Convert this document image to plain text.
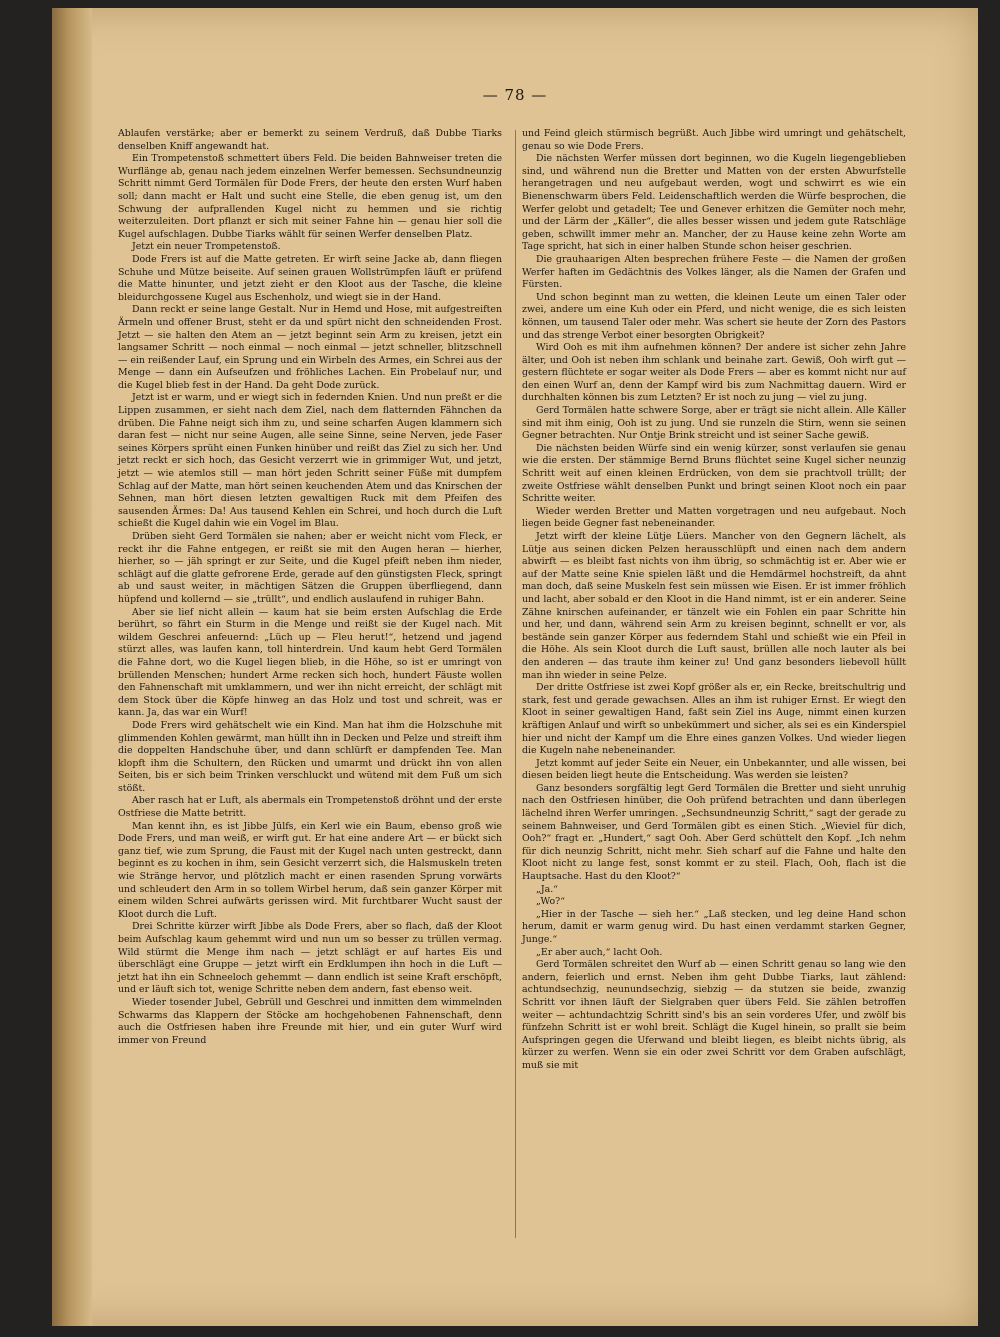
— 78 —

Ablaufen verstärke; aber er bemerkt zu seinem Verdruß, daß Dubbe Tiarks denselben Kniff angewandt hat.

Ein Trompetenstoß schmettert übers Feld. Die beiden Bahnweiser treten die Wurflänge ab, genau nach jedem einzelnen Werfer bemessen. Sechsundneunzig Schritt nimmt Gerd Tormälen für Dode Frers, der heute den ersten Wurf haben soll; dann macht er Halt und sucht eine Stelle, die eben genug ist, um den Schwung der aufprallenden Kugel nicht zu hemmen und sie richtig weiterzuleiten. Dort pflanzt er sich mit seiner Fahne hin — genau hier soll die Kugel aufschlagen. Dubbe Tiarks wählt für seinen Werfer denselben Platz.

Jetzt ein neuer Trompetenstoß.

Dode Frers ist auf die Matte getreten. Er wirft seine Jacke ab, dann fliegen Schuhe und Mütze beiseite. Auf seinen grauen Wollstrümpfen läuft er prüfend die Matte hinunter, und jetzt zieht er den Kloot aus der Tasche, die kleine bleidurchgossene Kugel aus Eschenholz, und wiegt sie in der Hand.

Dann reckt er seine lange Gestalt. Nur in Hemd und Hose, mit aufgestreiften Ärmeln und offener Brust, steht er da und spürt nicht den schneidenden Frost. Jetzt — sie halten den Atem an — jetzt beginnt sein Arm zu kreisen, jetzt ein langsamer Schritt — noch einmal — noch einmal — jetzt schneller, blitzschnell — ein reißender Lauf, ein Sprung und ein Wirbeln des Armes, ein Schrei aus der Menge — dann ein Aufseufzen und fröhliches Lachen. Ein Probelauf nur, und die Kugel blieb fest in der Hand. Da geht Dode zurück.

Jetzt ist er warm, und er wiegt sich in federnden Knien. Und nun preßt er die Lippen zusammen, er sieht nach dem Ziel, nach dem flatternden Fähnchen da drüben. Die Fahne neigt sich ihm zu, und seine scharfen Augen klammern sich daran fest — nicht nur seine Augen, alle seine Sinne, seine Nerven, jede Faser seines Körpers sprüht einen Funken hinüber und reißt das Ziel zu sich her. Und jetzt reckt er sich hoch, das Gesicht verzerrt wie in grimmiger Wut, und jetzt, jetzt — wie atemlos still — man hört jeden Schritt seiner Füße mit dumpfem Schlag auf der Matte, man hört seinen keuchenden Atem und das Knirschen der Sehnen, man hört diesen letzten gewaltigen Ruck mit dem Pfeifen des sausenden Ärmes: Da! Aus tausend Kehlen ein Schrei, und hoch durch die Luft schießt die Kugel dahin wie ein Vogel im Blau.

Drüben sieht Gerd Tormälen sie nahen; aber er weicht nicht vom Fleck, er reckt ihr die Fahne entgegen, er reißt sie mit den Augen heran — hierher, hierher, so — jäh springt er zur Seite, und die Kugel pfeift neben ihm nieder, schlägt auf die glatte gefrorene Erde, gerade auf den günstigsten Fleck, springt ab und saust weiter, in mächtigen Sätzen die Gruppen überfliegend, dann hüpfend und kollernd — sie „trüllt“, und endlich auslaufend in ruhiger Bahn.

Aber sie lief nicht allein — kaum hat sie beim ersten Aufschlag die Erde berührt, so fährt ein Sturm in die Menge und reißt sie der Kugel nach. Mit wildem Geschrei anfeuernd: „Lüch up — Fleu herut!“, hetzend und jagend stürzt alles, was laufen kann, toll hinterdrein. Und kaum hebt Gerd Tormälen die Fahne dort, wo die Kugel liegen blieb, in die Höhe, so ist er umringt von brüllenden Menschen; hundert Arme recken sich hoch, hundert Fäuste wollen den Fahnenschaft mit umklammern, und wer ihn nicht erreicht, der schlägt mit dem Stock über die Köpfe hinweg an das Holz und tost und schreit, was er kann. Ja, das war ein Wurf!

Dode Frers wird gehätschelt wie ein Kind. Man hat ihm die Holzschuhe mit glimmenden Kohlen gewärmt, man hüllt ihn in Decken und Pelze und streift ihm die doppelten Handschuhe über, und dann schlürft er dampfenden Tee. Man klopft ihm die Schultern, den Rücken und umarmt und drückt ihn von allen Seiten, bis er sich beim Trinken verschluckt und wütend mit dem Fuß um sich stößt.

Aber rasch hat er Luft, als abermals ein Trompetenstoß dröhnt und der erste Ostfriese die Matte betritt.

Man kennt ihn, es ist Jibbe Jülfs, ein Kerl wie ein Baum, ebenso groß wie Dode Frers, und man weiß, er wirft gut. Er hat eine andere Art — er bückt sich ganz tief, wie zum Sprung, die Faust mit der Kugel nach unten gestreckt, dann beginnt es zu kochen in ihm, sein Gesicht verzerrt sich, die Halsmuskeln treten wie Stränge hervor, und plötzlich macht er einen rasenden Sprung vorwärts und schleudert den Arm in so tollem Wirbel herum, daß sein ganzer Körper mit einem wilden Schrei aufwärts gerissen wird. Mit furchtbarer Wucht saust der Kloot durch die Luft.

Drei Schritte kürzer wirft Jibbe als Dode Frers, aber so flach, daß der Kloot beim Aufschlag kaum gehemmt wird und nun um so besser zu trüllen vermag. Wild stürmt die Menge ihm nach — jetzt schlägt er auf hartes Eis und überschlägt eine Gruppe — jetzt wirft ein Erdklumpen ihn hoch in die Luft — jetzt hat ihn ein Schneeloch gehemmt — dann endlich ist seine Kraft erschöpft, und er läuft sich tot, wenige Schritte neben dem andern, fast ebenso weit.

Wieder tosender Jubel, Gebrüll und Geschrei und inmitten dem wimmelnden Schwarms das Klappern der Stöcke am hochgehobenen Fahnenschaft, denn auch die Ostfriesen haben ihre Freunde mit hier, und ein guter Wurf wird immer von Freund

und Feind gleich stürmisch begrüßt. Auch Jibbe wird umringt und gehätschelt, genau so wie Dode Frers.

Die nächsten Werfer müssen dort beginnen, wo die Kugeln liegengeblieben sind, und während nun die Bretter und Matten von der ersten Abwurfstelle herangetragen und neu aufgebaut werden, wogt und schwirrt es wie ein Bienenschwarm übers Feld. Leidenschaftlich werden die Würfe besprochen, die Werfer gelobt und getadelt; Tee und Genever erhitzen die Gemüter noch mehr, und der Lärm der „Käller“, die alles besser wissen und jedem gute Ratschläge geben, schwillt immer mehr an. Mancher, der zu Hause keine zehn Worte am Tage spricht, hat sich in einer halben Stunde schon heiser geschrien.

Die grauhaarigen Alten besprechen frühere Feste — die Namen der großen Werfer haften im Gedächtnis des Volkes länger, als die Namen der Grafen und Fürsten.

Und schon beginnt man zu wetten, die kleinen Leute um einen Taler oder zwei, andere um eine Kuh oder ein Pferd, und nicht wenige, die es sich leisten können, um tausend Taler oder mehr. Was schert sie heute der Zorn des Pastors und das strenge Verbot einer besorgten Obrigkeit?

Wird Ooh es mit ihm aufnehmen können? Der andere ist sicher zehn Jahre älter, und Ooh ist neben ihm schlank und beinahe zart. Gewiß, Ooh wirft gut — gestern flüchtete er sogar weiter als Dode Frers — aber es kommt nicht nur auf den einen Wurf an, denn der Kampf wird bis zum Nachmittag dauern. Wird er durchhalten können bis zum Letzten? Er ist noch zu jung — viel zu jung.

Gerd Tormälen hatte schwere Sorge, aber er trägt sie nicht allein. Alle Käller sind mit ihm einig, Ooh ist zu jung. Und sie runzeln die Stirn, wenn sie seinen Gegner betrachten. Nur Ontje Brink streicht und ist seiner Sache gewiß.

Die nächsten beiden Würfe sind ein wenig kürzer, sonst verlaufen sie genau wie die ersten. Der stämmige Bernd Bruns flüchtet seine Kugel sicher neunzig Schritt weit auf einen kleinen Erdrücken, von dem sie prachtvoll trüllt; der zweite Ostfriese wählt denselben Punkt und bringt seinen Kloot noch ein paar Schritte weiter.

Wieder werden Bretter und Matten vorgetragen und neu aufgebaut. Noch liegen beide Gegner fast nebeneinander.

Jetzt wirft der kleine Lütje Lüers. Mancher von den Gegnern lächelt, als Lütje aus seinen dicken Pelzen herausschlüpft und einen nach dem andern abwirft — es bleibt fast nichts von ihm übrig, so schmächtig ist er. Aber wie er auf der Matte seine Knie spielen läßt und die Hemdärmel hochstreift, da ahnt man doch, daß seine Muskeln fest sein müssen wie Eisen. Er ist immer fröhlich und lacht, aber sobald er den Kloot in die Hand nimmt, ist er ein anderer. Seine Zähne knirschen aufeinander, er tänzelt wie ein Fohlen ein paar Schritte hin und her, und dann, während sein Arm zu kreisen beginnt, schnellt er vor, als bestände sein ganzer Körper aus federndem Stahl und schießt wie ein Pfeil in die Höhe. Als sein Kloot durch die Luft saust, brüllen alle noch lauter als bei den anderen — das traute ihm keiner zu! Und ganz besonders liebevoll hüllt man ihn wieder in seine Pelze.

Der dritte Ostfriese ist zwei Kopf größer als er, ein Recke, breitschultrig und stark, fest und gerade gewachsen. Alles an ihm ist ruhiger Ernst. Er wiegt den Kloot in seiner gewaltigen Hand, faßt sein Ziel ins Auge, nimmt einen kurzen kräftigen Anlauf und wirft so unbekümmert und sicher, als sei es ein Kinderspiel hier und nicht der Kampf um die Ehre eines ganzen Volkes. Und wieder liegen die Kugeln nahe nebeneinander.

Jetzt kommt auf jeder Seite ein Neuer, ein Unbekannter, und alle wissen, bei diesen beiden liegt heute die Entscheidung. Was werden sie leisten?

Ganz besonders sorgfältig legt Gerd Tormälen die Bretter und sieht unruhig nach den Ostfriesen hinüber, die Ooh prüfend betrachten und dann überlegen lächelnd ihren Werfer umringen. „Sechsundneunzig Schritt,“ sagt der gerade zu seinem Bahnweiser, und Gerd Tormälen gibt es einen Stich. „Wieviel für dich, Ooh?“ fragt er. „Hundert,“ sagt Ooh. Aber Gerd schüttelt den Kopf. „Ich nehm für dich neunzig Schritt, nicht mehr. Sieh scharf auf die Fahne und halte den Kloot nicht zu lange fest, sonst kommt er zu steil. Flach, Ooh, flach ist die Hauptsache. Hast du den Kloot?“

„Ja.“

„Wo?“

„Hier in der Tasche — sieh her.“ „Laß stecken, und leg deine Hand schon herum, damit er warm genug wird. Du hast einen verdammt starken Gegner, Junge.“

„Er aber auch,“ lacht Ooh.

Gerd Tormälen schreitet den Wurf ab — einen Schritt genau so lang wie den andern, feierlich und ernst. Neben ihm geht Dubbe Tiarks, laut zählend: achtundsechzig, neunundsechzig, siebzig — da stutzen sie beide, zwanzig Schritt vor ihnen läuft der Sielgraben quer übers Feld. Sie zählen betroffen weiter — achtundachtzig Schritt sind's bis an sein vorderes Ufer, und zwölf bis fünfzehn Schritt ist er wohl breit. Schlägt die Kugel hinein, so prallt sie beim Aufspringen gegen die Uferwand und bleibt liegen, es bleibt nichts übrig, als kürzer zu werfen. Wenn sie ein oder zwei Schritt vor dem Graben aufschlägt, muß sie mit
